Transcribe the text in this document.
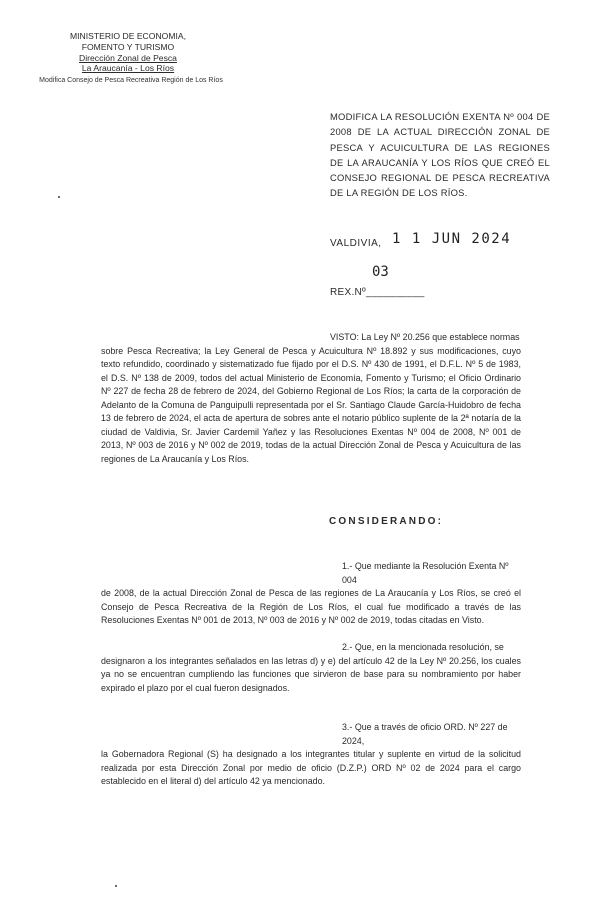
MINISTERIO DE ECONOMIA,
FOMENTO Y TURISMO
Dirección Zonal de Pesca
La Araucanía - Los Ríos
Modifica Consejo de Pesca Recreativa Región de Los Ríos
MODIFICA LA RESOLUCIÓN EXENTA Nº 004 DE 2008 DE LA ACTUAL DIRECCIÓN ZONAL DE PESCA Y ACUICULTURA DE LAS REGIONES DE LA ARAUCANÍA Y LOS RÍOS QUE CREÓ EL CONSEJO REGIONAL DE PESCA RECREATIVA DE LA REGIÓN DE LOS RÍOS.
VALDIVIA, 1 1 JUN 2024
03
REX.Nº__________

VISTO: La Ley Nº 20.256 que establece normas

sobre Pesca Recreativa; la Ley General de Pesca y Acuicultura Nº 18.892 y sus modificaciones, cuyo texto refundido, coordinado y sistematizado fue fijado por el D.S. Nº 430 de 1991, el D.F.L. Nº 5 de 1983, el D.S. Nº 138 de 2009, todos del actual Ministerio de Economía, Fomento y Turismo; el Oficio Ordinario Nº 227 de fecha 28 de febrero de 2024, del Gobierno Regional de Los Ríos; la carta de la corporación de Adelanto de la Comuna de Panguipulli representada por el Sr. Santiago Claude García-Huidobro de fecha 13 de febrero de 2024, el acta de apertura de sobres ante el notario público suplente de la 2ª notaría de la ciudad de Valdivia, Sr. Javier Cardemil Yañez y las Resoluciones Exentas Nº 004 de 2008, Nº 001 de 2013, Nº 003 de 2016 y Nº 002 de 2019, todas de la actual Dirección Zonal de Pesca y Acuicultura de las regiones de La Araucanía y Los Ríos.

CONSIDERANDO:

1.- Que mediante la Resolución Exenta Nº 004

de 2008, de la actual Dirección Zonal de Pesca de las regiones de La Araucanía y Los Ríos, se creó el Consejo de Pesca Recreativa de la Región de Los Ríos, el cual fue modificado a través de las Resoluciones Exentas Nº 001 de 2013, Nº 003 de 2016 y Nº 002 de 2019, todas citadas en Visto.

2.- Que, en la mencionada resolución, se

designaron a los integrantes señalados en las letras d) y e) del artículo 42 de la Ley Nº 20.256, los cuales ya no se encuentran cumpliendo las funciones que sirvieron de base para su nombramiento por haber expirado el plazo por el cual fueron designados.

3.- Que a través de oficio ORD. Nº 227 de 2024,

la Gobernadora Regional (S) ha designado a los integrantes titular y suplente en virtud de la solicitud realizada por esta Dirección Zonal por medio de oficio (D.Z.P.) ORD Nº 02 de 2024 para el cargo establecido en el literal d) del artículo 42 ya mencionado.
